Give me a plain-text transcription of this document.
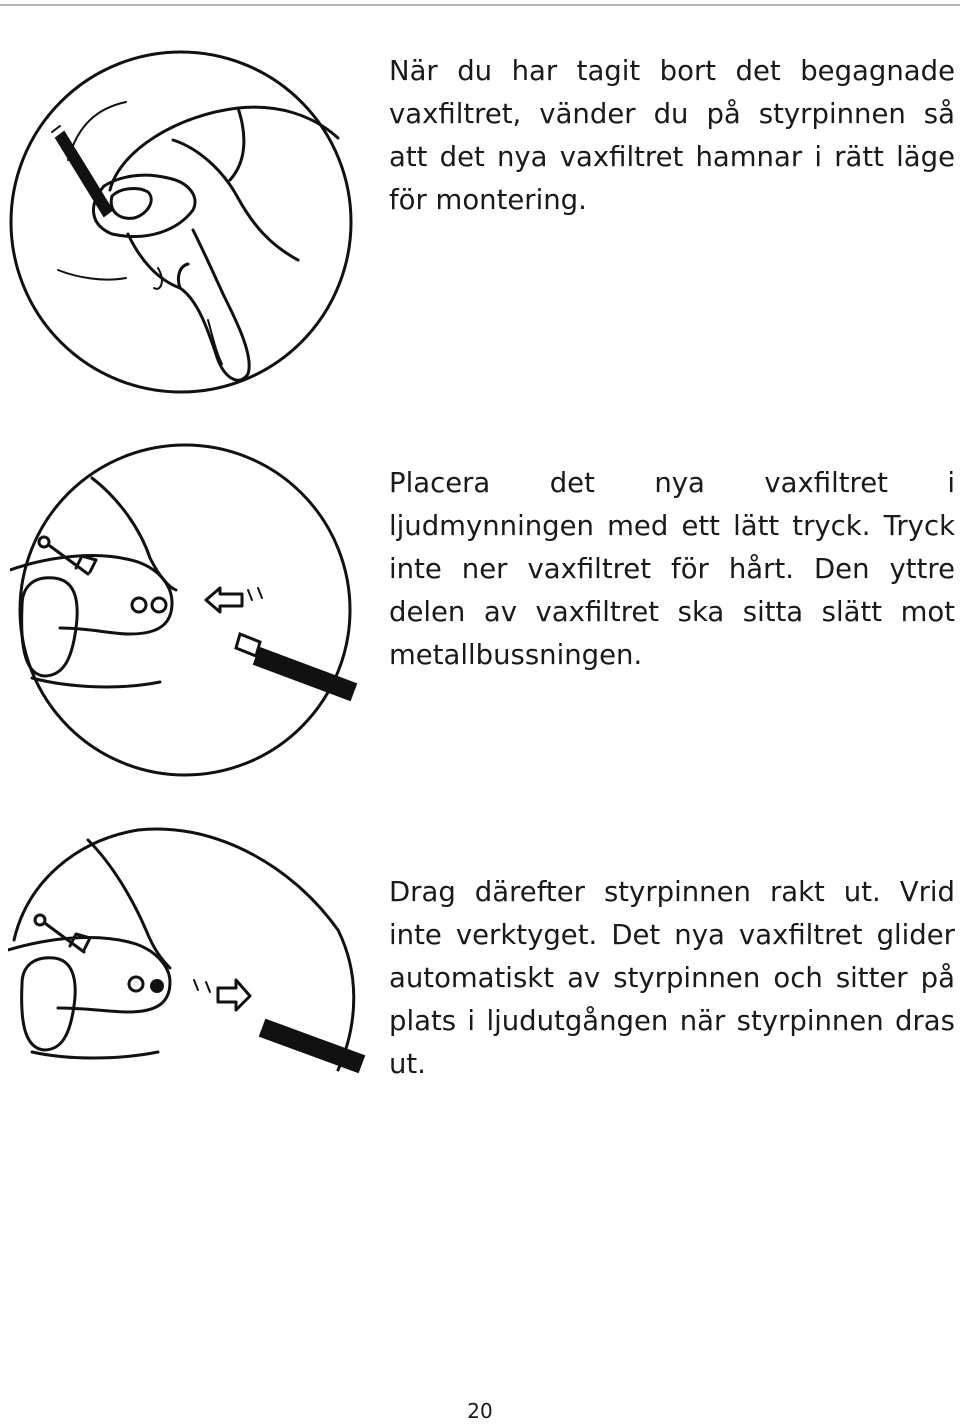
När du har tagit bort det begagnade vaxfiltret, vänder du på styrpinnen så att det nya vaxfiltret hamnar i rätt läge för montering.

Placera det nya vaxfiltret i ljudmynningen med ett lätt tryck. Tryck inte ner vaxfiltret för hårt. Den yttre delen av vaxfiltret ska sitta slätt mot metallbussningen.

Drag därefter styrpinnen rakt ut. Vrid inte verktyget. Det nya vaxfiltret glider automatiskt av styrpinnen och sitter på plats i ljudutgången när styrpinnen dras ut.

20
